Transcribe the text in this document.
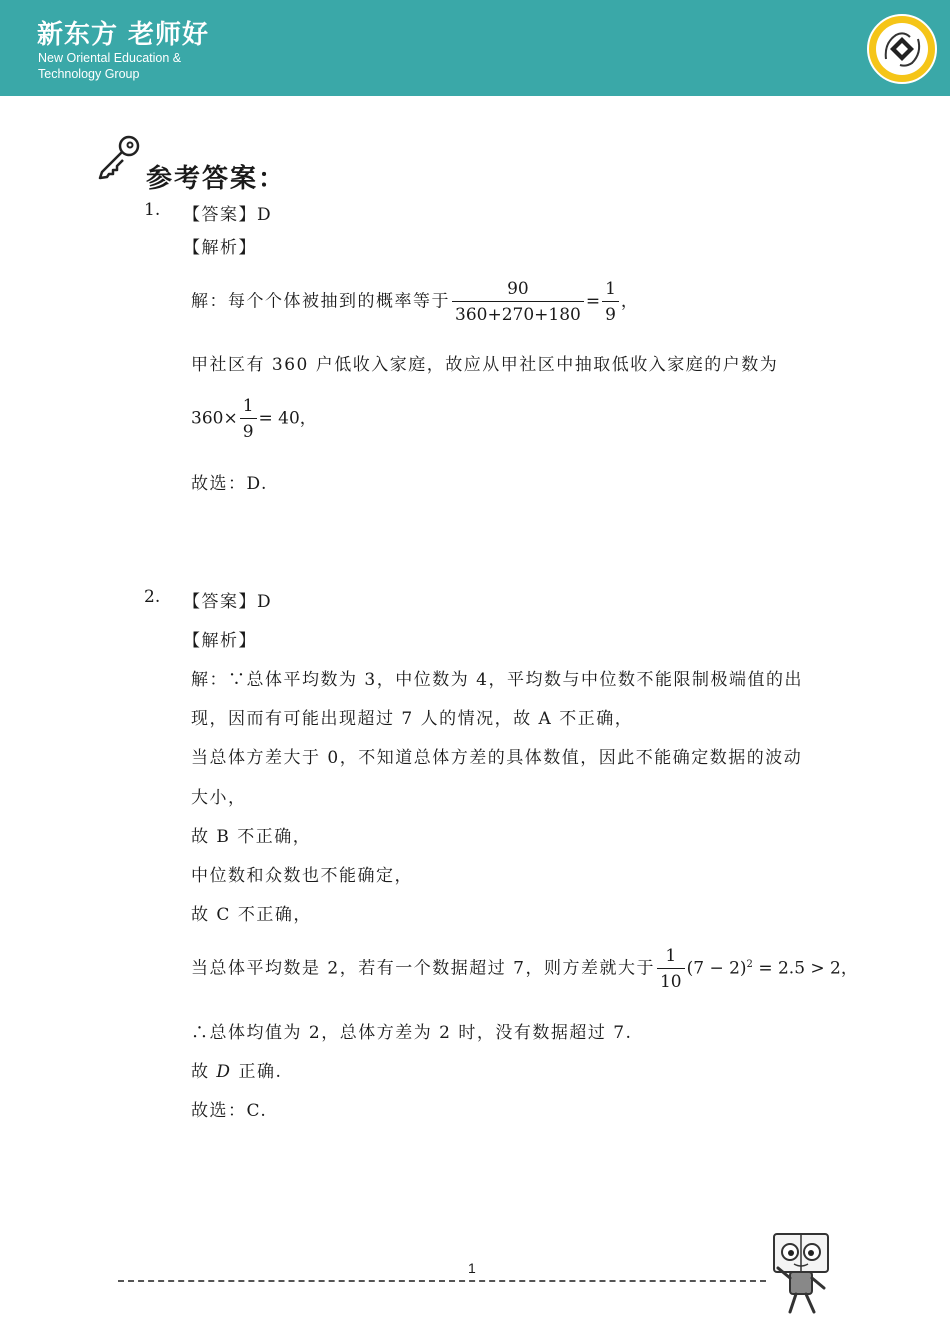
新东方 老师好
New Oriental Education &
Technology Group
参考答案：
1. 【答案】D
【解析】
解：每个个体被抽到的概率等于 $\frac{90}{360+270+180} = \frac{1}{9}$ ，
甲社区有 360 户低收入家庭，故应从甲社区中抽取低收入家庭的户数为
$360\times \frac{1}{9} = 40$，
故选：D.
2. 【答案】D
【解析】
解：∵总体平均数为 3，中位数为 4，平均数与中位数不能限制极端值的出
现，因而有可能出现超过 7 人的情况，故 A 不正确，
当总体方差大于 0，不知道总体方差的具体数值，因此不能确定数据的波动
大小，
故 B 不正确，
中位数和众数也不能确定，
故 C 不正确，
当总体平均数是 2，若有一个数据超过 7，则方差就大于 $\frac{1}{10} (7 - 2)^2 = 2.5 > 2$，
∴总体均值为 2，总体方差为 2 时，没有数据超过 7.
故 D 正确.
故选：C.
1
